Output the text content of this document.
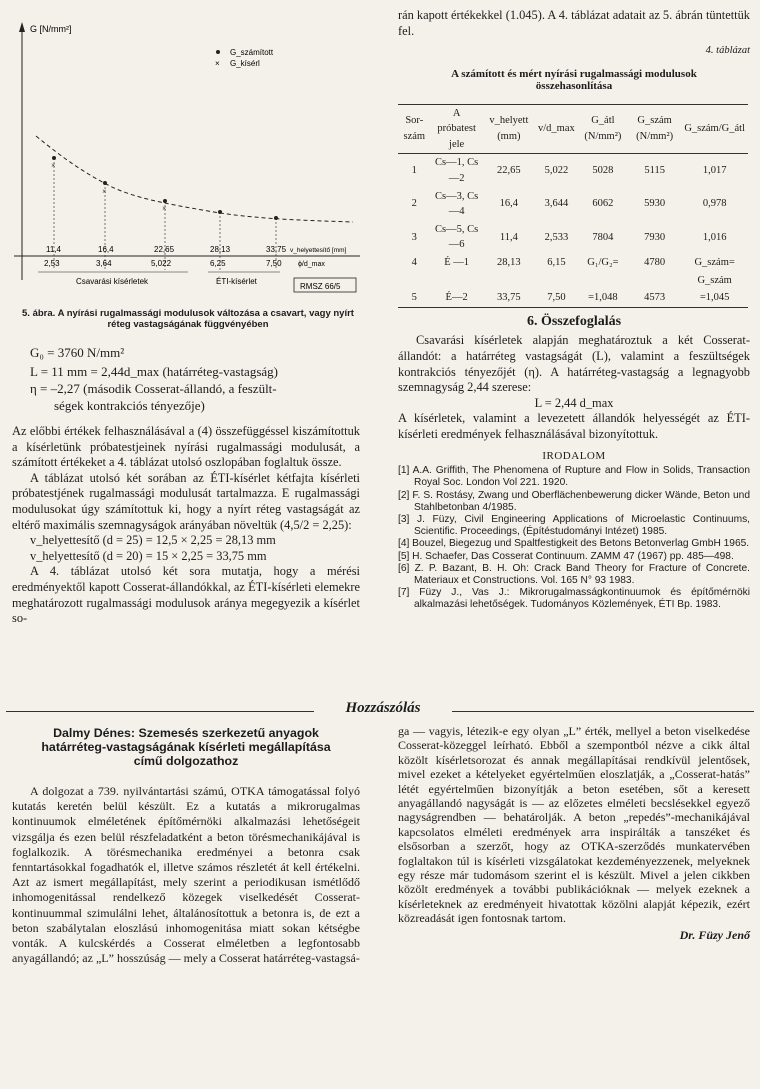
G [N/mm²]
G_számított
× G_kísérl
×
×
×
11,4	16,4	22,65	28,13	33,75 v_helyettesítő [mm]
2,53	3,64	5,022	6,25	7,50 ϕ/d_max
Csavarási kísérletek	ÉTI-kísérlet
RMSZ 66/5
5. ábra. A nyírási rugalmassági modulusok változása a csavart, vagy nyírt réteg vastagságának függvényében

G₀ = 3760 N/mm²

L = 11 mm = 2,44d_max (határréteg-vastagság)

η = –2,27 (második Cosserat-állandó, a feszült-

ségek kontrakciós tényezője)

Az előbbi értékek felhasználásával a (4) összefüggéssel kiszámítottuk a kísérletünk próbatestjeinek nyírási rugalmassági modulusát, a számított értékeket a 4. táblázat utolsó oszlopában foglaltuk össze.

A táblázat utolsó két sorában az ÉTI-kísérlet kétfajta kísérleti próbatestjének rugalmassági modulusát tartalmazza. E rugalmassági modulusokat úgy számítottuk ki, hogy a nyírt réteg vastagságát az eltérő maximális szemnagyságok arányában növeltük (4,5/2 = 2,25):

v_helyettesítő (d = 25) = 12,5 × 2,25 = 28,13 mm

v_helyettesítő (d = 20) = 15 × 2,25 = 33,75 mm

A 4. táblázat utolsó két sora mutatja, hogy a mérési eredményektől kapott Cosserat-állandókkal, az ÉTI-kísérleti elemekre meghatározott rugalmassági modulusok aránya megegyezik a kísérlet so-

rán kapott értékekkel (1.045). A 4. táblázat adatait az 5. ábrán tüntettük fel.

4. táblázat

A számított és mért nyírási rugalmassági modulusok

összehasonlítása

Sor-szám	A próbatest jele	v_helyett (mm)	v/d_max	G_átl (N/mm²)	G_szám (N/mm²)	G_szám/G_átl
1	Cs—1, Cs—2	22,65	5,022	5028	5115	1,017
2	Cs—3, Cs—4	16,4	3,644	6062	5930	0,978
3	Cs—5, Cs—6	11,4	2,533	7804	7930	1,016
4	É —1	28,13	6,15	G₁/G₂=	4780	G_szám=
						G_szám
5	É—2	33,75	7,50	=1,048	4573	=1,045
6. Összefoglalás

Csavarási kísérletek alapján meghatároztuk a két Cosserat-állandót: a határréteg vastagságát (L), valamint a feszültségek kontrakciós tényezőjét (η). A határréteg-vastagság a legnagyobb szemnagyság 2,44 szerese:

L = 2,44 d_max

A kísérletek, valamint a levezetett állandók helyességét az ÉTI-kísérleti eredmények felhasználásával bizonyítottuk.

IRODALOM

[1] A.A. Griffith, The Phenomena of Rupture and Flow in Solids, Transaction Royal Soc. London Vol 221. 1920.

[2] F. S. Rostásy, Zwang und Oberflächenbewerung dicker Wände, Beton und Stahlbetonban 4/1985.

[3] J. Füzy, Civil Engineering Applications of Microelastic Continuums, Scientific. Proceedings, (Építéstudományi Intézet) 1985.

[4] Bouzel, Biegezug und Spaltfestigkeit des Betons Betonverlag GmbH 1965.

[5] H. Schaefer, Das Cosserat Continuum. ZAMM 47 (1967) pp. 485—498.

[6] Z. P. Bazant, B. H. Oh: Crack Band Theory for Fracture of Concrete. Materiaux et Constructions. Vol. 165 N° 93 1983.

[7] Füzy J., Vas J.: Mikrorugalmasságkontinuumok és építőmérnöki alkalmazási lehetőségek. Tudományos Közlemények, ÉTI Bp. 1983.

Hozzászólás

Dalmy Dénes: Szemesés szerkezetű anyagok

határréteg-vastagságának kísérleti megállapítása

című dolgozathoz

A dolgozat a 739. nyilvántartási számú, OTKA támogatással folyó kutatás keretén belül készült. Ez a kutatás a mikrorugalmas kontinuumok elméletének építőmérnöki alkalmazási lehetőségeit vizsgálja és ezen belül részfeladatként a beton törésmechanikájával is foglalkozik. A törésmechanika eredményei a betonra csak fenntartásokkal fogadhatók el, illetve számos részletét át kell értékelni. Azt az ismert megállapítást, mely szerint a periodikusan ismétlődő inhomogenitással rendelkező közegek viselkedését Cosserat-kontinuummal szimulálni lehet, általánosítottuk a betonra is, de ezt a beton szabálytalan eloszlású inhomogenitása miatt sokan kétségbe vonták. A kulcskérdés a Cosserat elméletben a legfontosabb anyagállandó; az „L” hosszúság — mely a Cosserat határréteg-vastagsá-

ga — vagyis, létezik-e egy olyan „L” érték, mellyel a beton viselkedése Cosserat-közeggel leírható. Ebből a szempontból nézve a cikk által közölt kísérletsorozat és annak megállapításai rendkívül jelentősek, mivel ezeket a kételyeket egyértelműen eloszlatják, a „Cosserat-hatás” létét egyértelműen bizonyítják a beton esetében, sőt a keresett anyagállandó nagyságát is — az előzetes elméleti becslésekkel egyező nagyságrendben — behatárolják. A beton „repedés”-mechanikájával kapcsolatos elméleti eredmények arra inspirálták a tanszéket és elsősorban a szerzőt, hogy az OTKA-szerződés munkatervében foglaltakon túl is kísérleti vizsgálatokat kezdeményezzenek, melyeknek egy része már tudomásom szerint el is készült. Mivel a jelen cikkben közölt eredmények a további publikációknak — melyek ezeknek a kísérleteknek az eredményeit hivatottak közölni alapját képezik, ezért közreadását igen fontosnak tartom.

Dr. Füzy Jenő
